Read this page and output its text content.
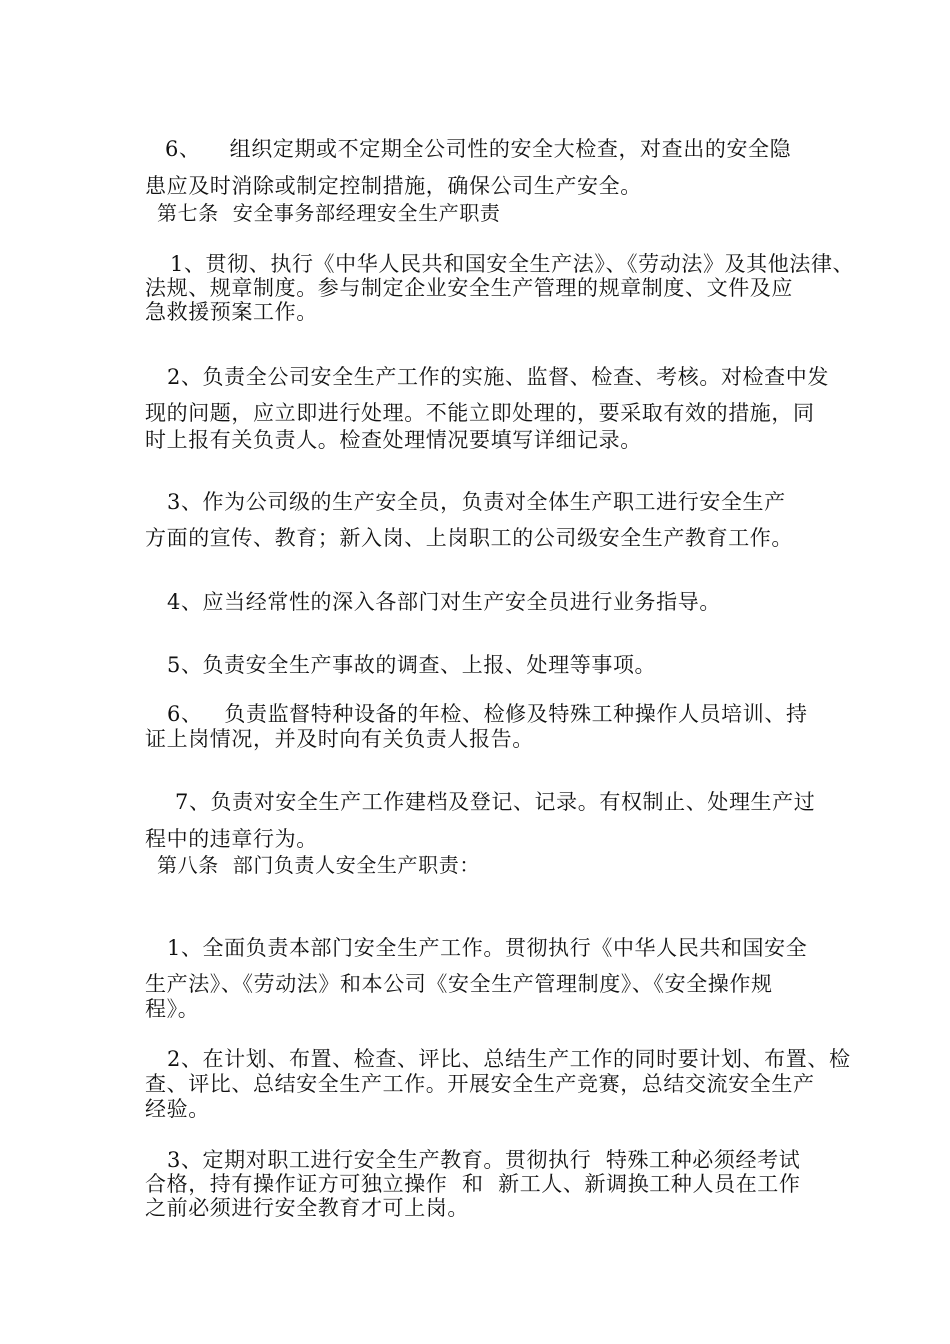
6、    组织定期或不定期全公司性的安全大检查，对查出的安全隐
患应及时消除或制定控制措施，确保公司生产安全。
第七条  安全事务部经理安全生产职责
1、贯彻、执行《中华人民共和国安全生产法》、《劳动法》及其他法律、
法规、规章制度。参与制定企业安全生产管理的规章制度、文件及应
急救援预案工作。
2、负责全公司安全生产工作的实施、监督、检查、考核。对检查中发
现的问题，应立即进行处理。不能立即处理的，要采取有效的措施，同
时上报有关负责人。检查处理情况要填写详细记录。
3、作为公司级的生产安全员，负责对全体生产职工进行安全生产
方面的宣传、教育；新入岗、上岗职工的公司级安全生产教育工作。
4、应当经常性的深入各部门对生产安全员进行业务指导。
5、负责安全生产事故的调查、上报、处理等事项。
6、   负责监督特种设备的年检、检修及特殊工种操作人员培训、持
证上岗情况，并及时向有关负责人报告。
7、负责对安全生产工作建档及登记、记录。有权制止、处理生产过
程中的违章行为。
第八条  部门负责人安全生产职责：
1、全面负责本部门安全生产工作。贯彻执行《中华人民共和国安全
生产法》、《劳动法》和本公司《安全生产管理制度》、《安全操作规
程》。
2、在计划、布置、检查、评比、总结生产工作的同时要计划、布置、检
查、评比、总结安全生产工作。开展安全生产竞赛，总结交流安全生产
经验。
3、定期对职工进行安全生产教育。贯彻执行  特殊工种必须经考试
合格，持有操作证方可独立操作  和  新工人、新调换工种人员在工作
之前必须进行安全教育才可上岗。
